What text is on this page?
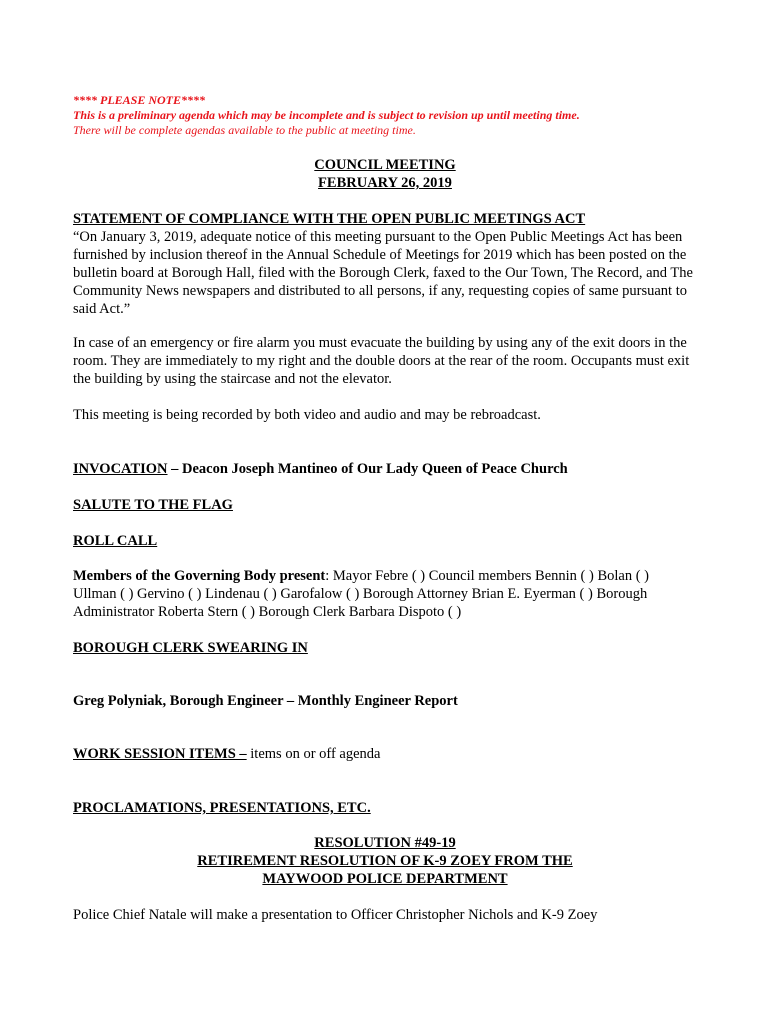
**** PLEASE NOTE****
This is a preliminary agenda which may be incomplete and is subject to revision up until meeting time.
There will be complete agendas available to the public at meeting time.
COUNCIL MEETING
FEBRUARY 26, 2019
STATEMENT OF COMPLIANCE WITH THE OPEN PUBLIC MEETINGS ACT
“On January 3, 2019, adequate notice of this meeting pursuant to the Open Public Meetings Act has been furnished by inclusion thereof in the Annual Schedule of Meetings for 2019 which has been posted on the bulletin board at Borough Hall, filed with the Borough Clerk, faxed to the Our Town, The Record, and The Community News newspapers and distributed to all persons, if any, requesting copies of same pursuant to said Act.”
In case of an emergency or fire alarm you must evacuate the building by using any of the exit doors in the room. They are immediately to my right and the double doors at the rear of the room. Occupants must exit the building by using the staircase and not the elevator.
This meeting is being recorded by both video and audio and may be rebroadcast.
INVOCATION – Deacon Joseph Mantineo of Our Lady Queen of Peace Church
SALUTE TO THE FLAG
ROLL CALL
Members of the Governing Body present: Mayor Febre ( ) Council members Bennin ( ) Bolan ( ) Ullman ( ) Gervino ( ) Lindenau ( ) Garofalow ( ) Borough Attorney Brian E. Eyerman ( ) Borough Administrator Roberta Stern ( ) Borough Clerk Barbara Dispoto ( )
BOROUGH CLERK SWEARING IN
Greg Polyniak, Borough Engineer – Monthly Engineer Report
WORK SESSION ITEMS – items on or off agenda
PROCLAMATIONS, PRESENTATIONS, ETC.
RESOLUTION #49-19
RETIREMENT RESOLUTION OF K-9 ZOEY FROM THE
MAYWOOD POLICE DEPARTMENT
Police Chief Natale will make a presentation to Officer Christopher Nichols and K-9 Zoey
